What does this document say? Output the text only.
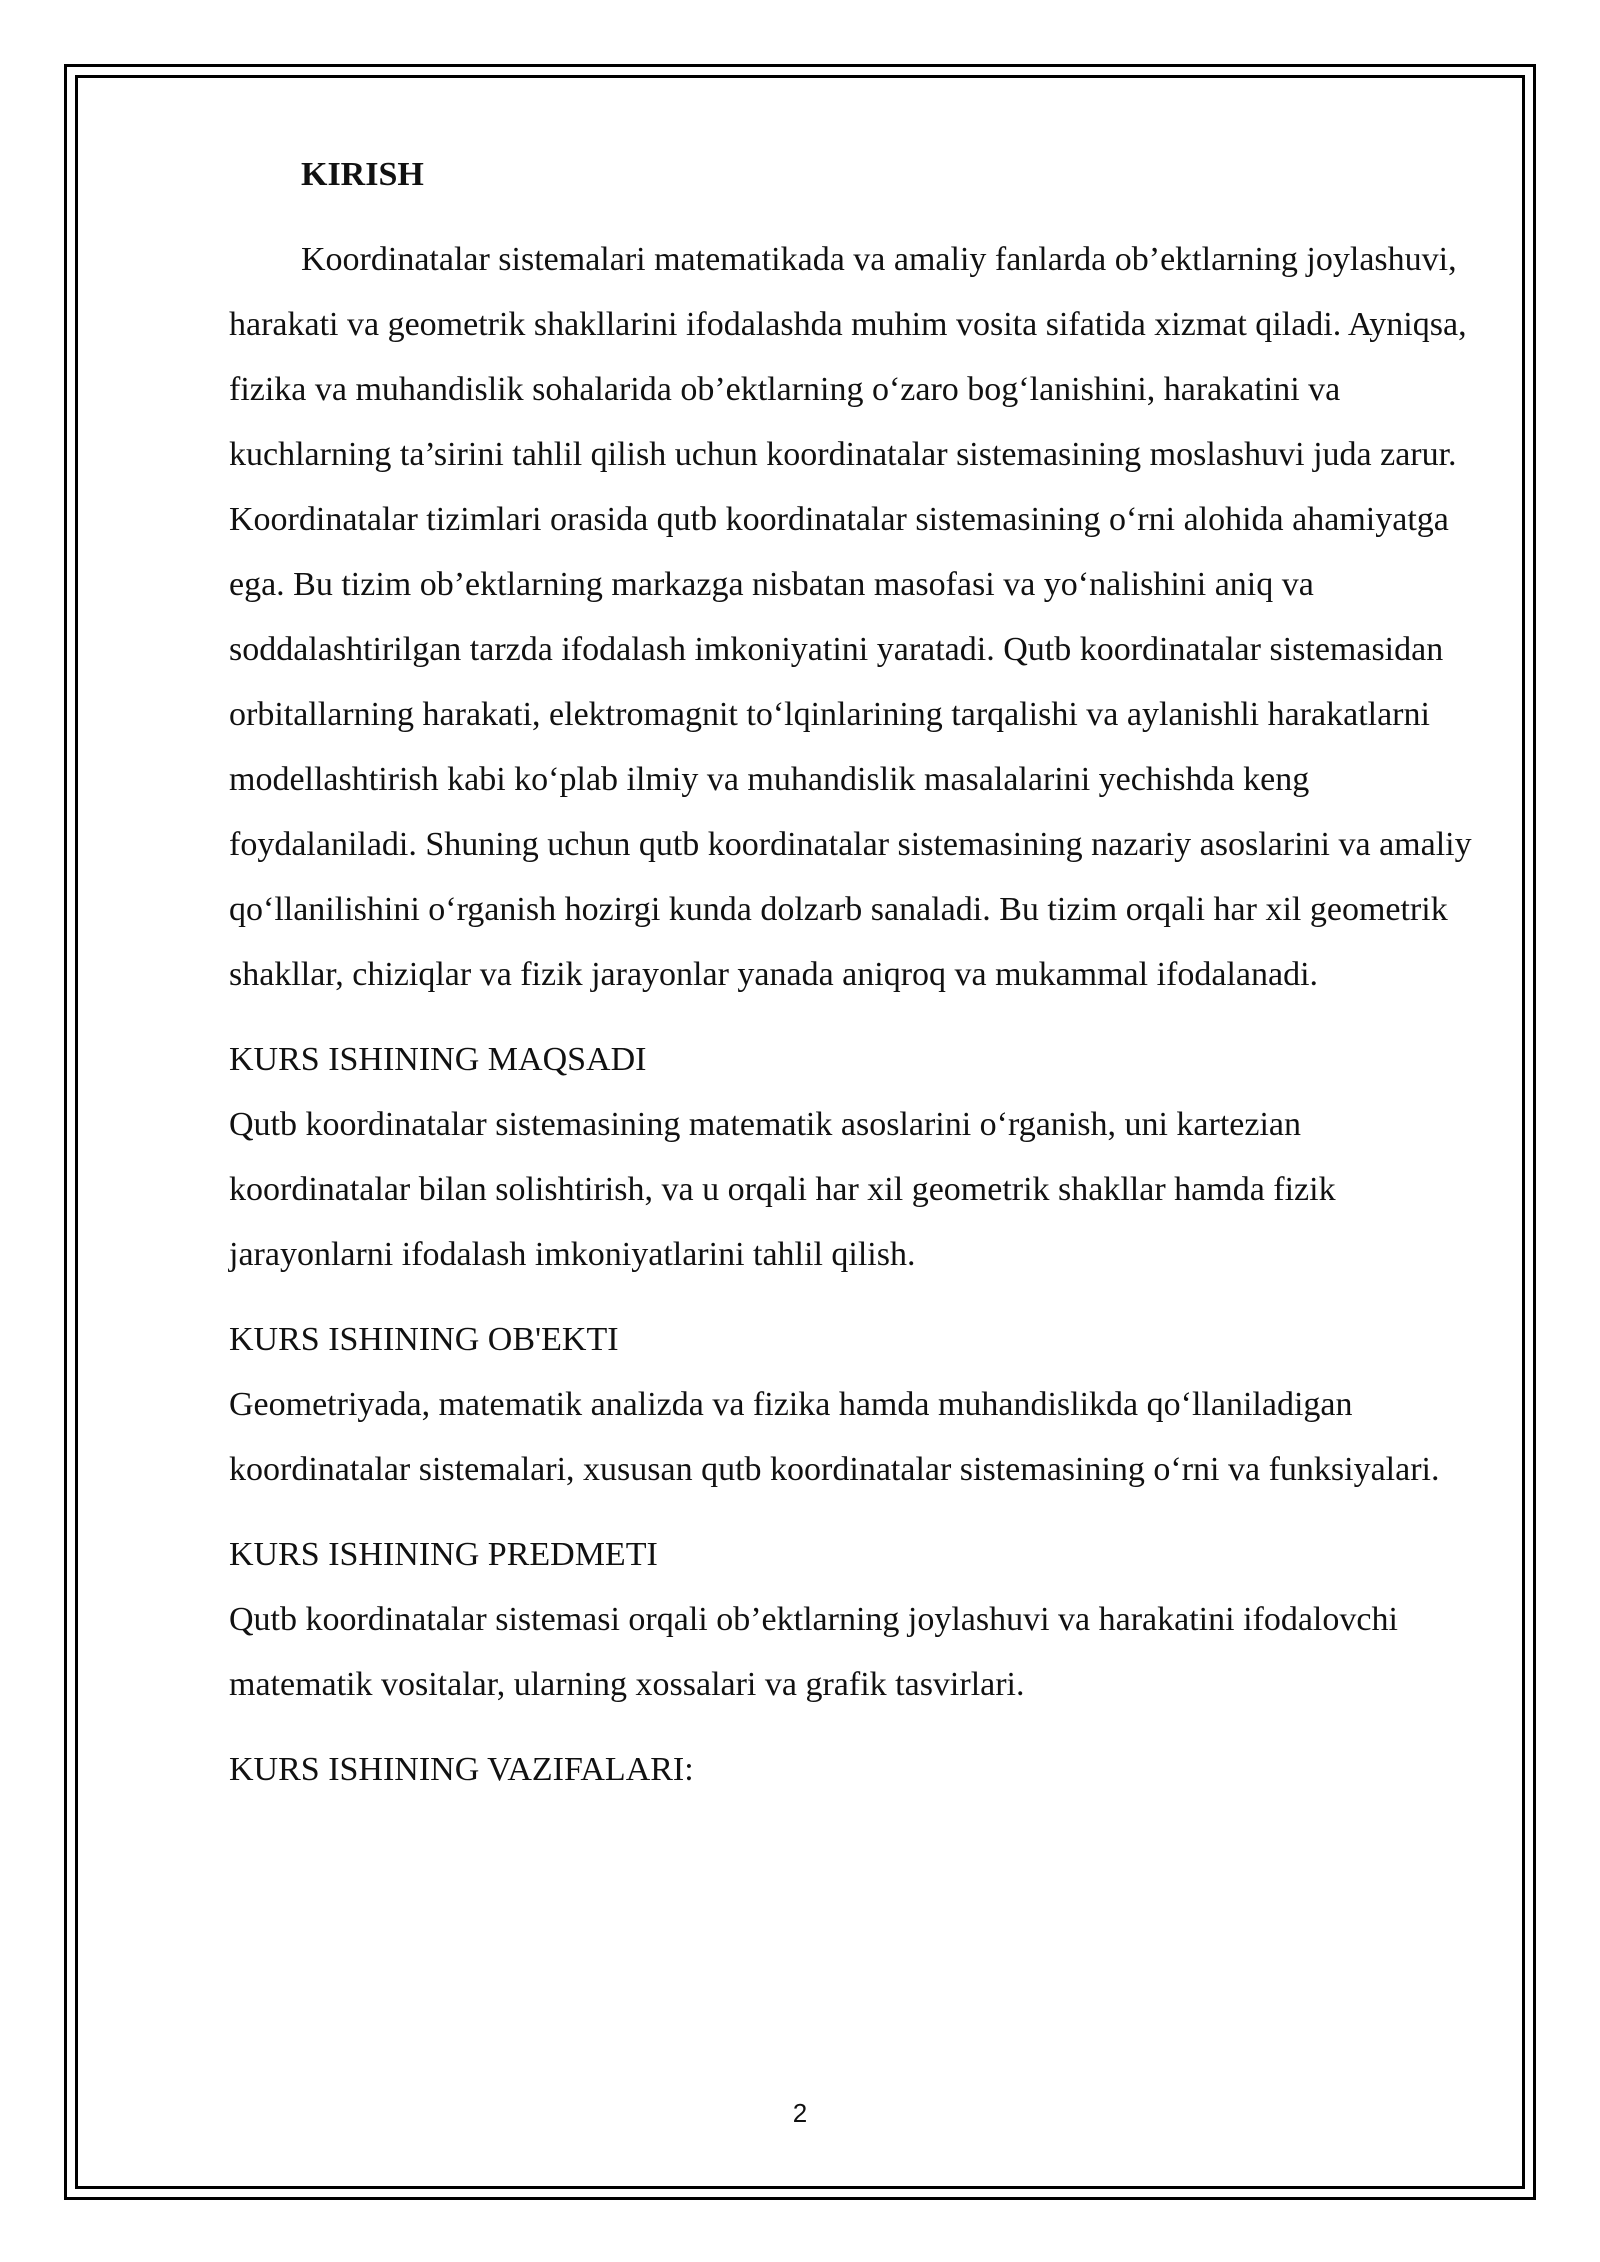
KIRISH

Koordinatalar sistemalari matematikada va amaliy fanlarda ob’ektlarning joylashuvi, harakati va geometrik shakllarini ifodalashda muhim vosita sifatida xizmat qiladi. Ayniqsa, fizika va muhandislik sohalarida ob’ektlarning o‘zaro bog‘lanishini, harakatini va kuchlarning ta’sirini tahlil qilish uchun koordinatalar sistemasining moslashuvi juda zarur. Koordinatalar tizimlari orasida qutb koordinatalar sistemasining o‘rni alohida ahamiyatga ega. Bu tizim ob’ektlarning markazga nisbatan masofasi va yo‘nalishini aniq va soddalashtirilgan tarzda ifodalash imkoniyatini yaratadi. Qutb koordinatalar sistemasidan orbitallarning harakati, elektromagnit to‘lqinlarining tarqalishi va aylanishli harakatlarni modellashtirish kabi ko‘plab ilmiy va muhandislik masalalarini yechishda keng foydalaniladi. Shuning uchun qutb koordinatalar sistemasining nazariy asoslarini va amaliy qo‘llanilishini o‘rganish hozirgi kunda dolzarb sanaladi. Bu tizim orqali har xil geometrik shakllar, chiziqlar va fizik jarayonlar yanada aniqroq va mukammal ifodalanadi.

KURS ISHINING MAQSADI

Qutb koordinatalar sistemasining matematik asoslarini o‘rganish, uni kartezian koordinatalar bilan solishtirish, va u orqali har xil geometrik shakllar hamda fizik jarayonlarni ifodalash imkoniyatlarini tahlil qilish.

KURS ISHINING OB'EKTI

Geometriyada, matematik analizda va fizika hamda muhandislikda qo‘llaniladigan koordinatalar sistemalari, xususan qutb koordinatalar sistemasining o‘rni va funksiyalari.

KURS ISHINING PREDMETI

Qutb koordinatalar sistemasi orqali ob’ektlarning joylashuvi va harakatini ifodalovchi matematik vositalar, ularning xossalari va grafik tasvirlari.

KURS ISHINING VAZIFALARI:

2
